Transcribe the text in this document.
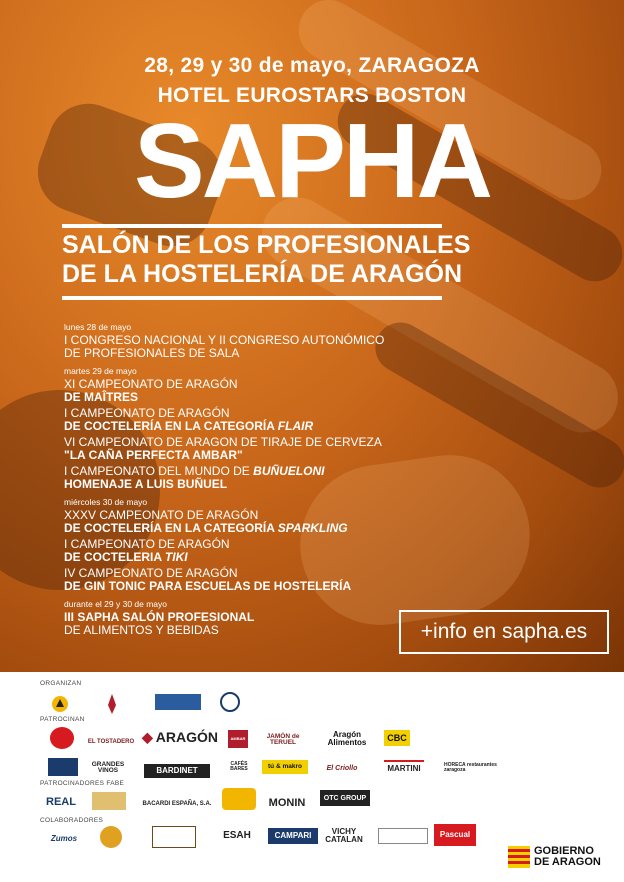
28, 29 y 30 de mayo, ZARAGOZA
HOTEL EUROSTARS BOSTON
SAPHA
SALÓN DE LOS PROFESIONALES
DE LA HOSTELERÍA DE ARAGÓN
lunes 28 de mayo
I CONGRESO NACIONAL Y II CONGRESO AUTONÓMICO
DE PROFESIONALES DE SALA
martes 29 de mayo
XI CAMPEONATO DE ARAGÓN
DE MAÎTRES
I CAMPEONATO DE ARAGÓN
DE COCTELERÍA EN LA CATEGORÍA FLAIR
VI CAMPEONATO DE ARAGON DE TIRAJE DE CERVEZA
"LA CAÑA PERFECTA AMBAR"
I CAMPEONATO DEL MUNDO DE BUÑUELONI
HOMENAJE A LUIS BUÑUEL
miércoles 30 de mayo
XXXV CAMPEONATO DE ARAGÓN
DE COCTELERÍA EN LA CATEGORÍA SPARKLING
I CAMPEONATO DE ARAGÓN
DE COCTELERIA TIKI
IV CAMPEONATO DE ARAGÓN
DE GIN TONIC PARA ESCUELAS DE HOSTELERÍA
durante el 29 y 30 de mayo
III SAPHA SALÓN PROFESIONAL
DE ALIMENTOS Y BEBIDAS	+info en sapha.es
ORGANIZAN
PATROCINAN
EL TOSTADERO ◆ ARAGÓN	AMBAR	JAMÓN de TERUEL
Aragón Alimentos	CBC
GRANDES VINOS	BARDINET
CAFÉS BARES	tú & makro	El Criollo	MARTINI	HORECA restaurantes zaragoza
PATROCINADORES FABE
REAL	BACARDI ESPAÑA, S.A.	MONIN	OTC GROUP
COLABORADORES
Zumos	ESAH	CAMPARI	VICHY
CATALAN
Pascual
GOBIERNO
DE ARAGON
